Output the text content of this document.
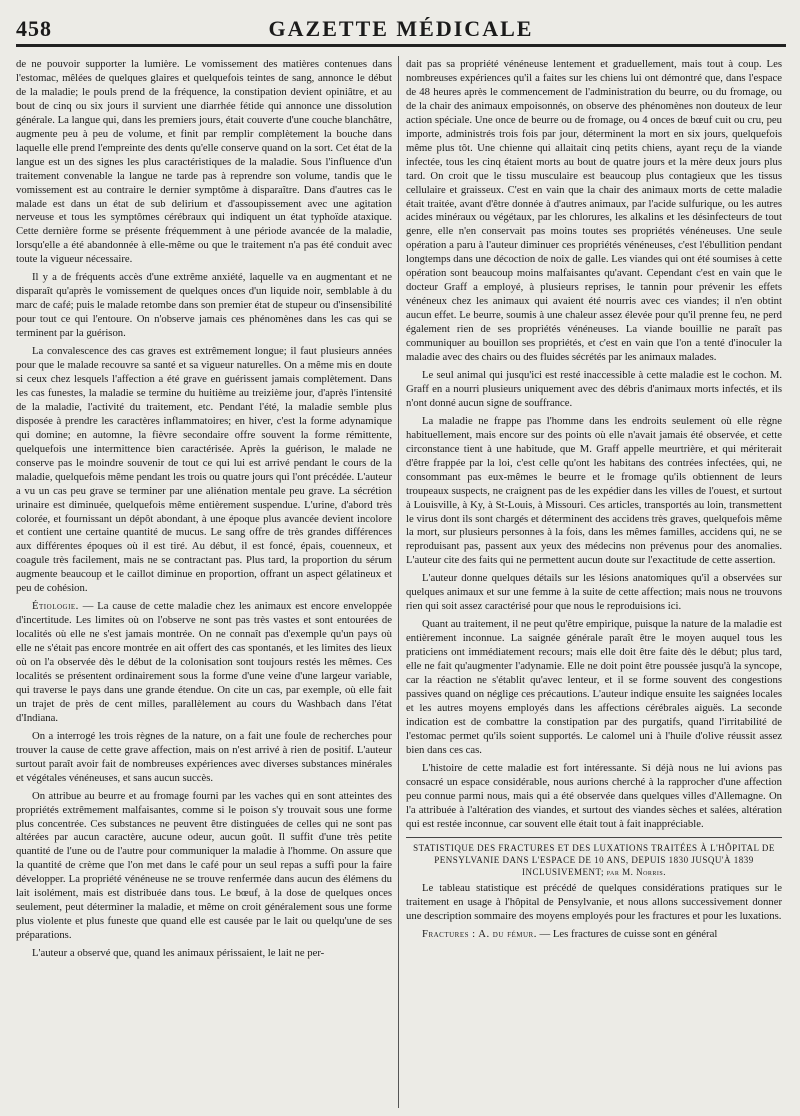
458	GAZETTE MÉDICALE

de ne pouvoir supporter la lumière. Le vomissement des matières contenues dans l'estomac, mêlées de quelques glaires et quelquefois teintes de sang, annonce le début de la maladie; le pouls prend de la fréquence, la constipation devient opiniâtre, et au bout de cinq ou six jours il survient une diarrhée fétide qui annonce une dissolution générale. La langue qui, dans les premiers jours, était couverte d'une couche blanchâtre, augmente peu à peu de volume, et finit par remplir complètement la bouche dans laquelle elle prend l'empreinte des dents qu'elle conserve quand on la sort. Cet état de la langue est un des signes les plus caractéristiques de la maladie. Sous l'influence d'un traitement convenable la langue ne tarde pas à reprendre son volume, tandis que le vomissement est au contraire le dernier symptôme à disparaître. Dans d'autres cas le malade est dans un état de sub delirium et d'assoupissement avec une agitation nerveuse et tous les symptômes cérébraux qui indiquent un état typhoïde ataxique. Cette dernière forme se présente fréquemment à une période avancée de la maladie, lorsqu'elle a été abandonnée à elle-même ou que le traitement n'a pas été conduit avec toute la vigueur nécessaire.

Il y a de fréquents accès d'une extrême anxiété, laquelle va en augmentant et ne disparaît qu'après le vomissement de quelques onces d'un liquide noir, semblable à du marc de café; puis le malade retombe dans son premier état de stupeur ou d'insensibilité pour tout ce qui l'entoure. On n'observe jamais ces phénomènes dans les cas qui se terminent par la guérison.

La convalescence des cas graves est extrêmement longue; il faut plusieurs années pour que le malade recouvre sa santé et sa vigueur naturelles. On a même mis en doute si ceux chez lesquels l'affection a été grave en guérissent jamais complètement. Dans les cas funestes, la maladie se termine du huitième au treizième jour, d'après l'intensité de la maladie, l'activité du traitement, etc. Pendant l'été, la maladie semble plus disposée à prendre les caractères inflammatoires; en hiver, c'est la forme adynamique qui domine; en automne, la fièvre secondaire offre souvent la forme rémittente, quelquefois une intermittence bien caractérisée. Après la guérison, le malade ne conserve pas le moindre souvenir de tout ce qui lui est arrivé pendant le cours de la maladie, quelquefois même pendant les trois ou quatre jours qui l'ont précédée. L'auteur a vu un cas peu grave se terminer par une aliénation mentale peu grave. La sécrétion urinaire est diminuée, quelquefois même entièrement suspendue. L'urine, d'abord très colorée, et fournissant un dépôt abondant, à une époque plus avancée devient incolore et contient une certaine quantité de mucus. Le sang offre de très grandes différences aux différentes époques où il est tiré. Au début, il est foncé, épais, couenneux, et coagule très facilement, mais ne se contractant pas. Plus tard, la proportion du sérum augmente beaucoup et le caillot diminue en proportion, offrant un aspect gélatineux et peu de cohésion.

Étiologie. — La cause de cette maladie chez les animaux est encore enveloppée d'incertitude. Les limites où on l'observe ne sont pas très vastes et sont entourées de localités où elle ne s'est jamais montrée. On ne connaît pas d'exemple qu'un pays où elle ne s'était pas encore montrée en ait offert des cas spontanés, et les limites des lieux où on l'a observée dès le début de la colonisation sont toujours restés les mêmes. Ces localités se présentent ordinairement sous la forme d'une veine d'une largeur variable, qui traverse le pays dans une grande étendue. On cite un cas, par exemple, où elle fait un trajet de près de cent milles, parallèlement au cours du Washbach dans l'état d'Indiana.

On a interrogé les trois règnes de la nature, on a fait une foule de recherches pour trouver la cause de cette grave affection, mais on n'est arrivé à rien de positif. L'auteur surtout paraît avoir fait de nombreuses expériences avec diverses substances minérales et végétales vénéneuses, et sans aucun succès.

On attribue au beurre et au fromage fourni par les vaches qui en sont atteintes des propriétés extrêmement malfaisantes, comme si le poison s'y trouvait sous une forme plus concentrée. Ces substances ne peuvent être distinguées de celles qui ne sont pas altérées par aucun caractère, aucune odeur, aucun goût. Il suffit d'une très petite quantité de l'une ou de l'autre pour communiquer la maladie à l'homme. On assure que la quantité de crème que l'on met dans le café pour un seul repas a suffi pour la faire développer. La propriété vénéneuse ne se trouve renfermée dans aucun des élémens du lait isolément, mais est distribuée dans tous. Le bœuf, à la dose de quelques onces seulement, peut déterminer la maladie, et même on croit généralement sous une forme plus violente et plus funeste que quand elle est causée par le lait ou quelqu'une de ses préparations.

L'auteur a observé que, quand les animaux périssaient, le lait ne per-

dait pas sa propriété vénéneuse lentement et graduellement, mais tout à coup. Les nombreuses expériences qu'il a faites sur les chiens lui ont démontré que, dans l'espace de 48 heures après le commencement de l'administration du beurre, ou du fromage, ou de la chair des animaux empoisonnés, on observe des phénomènes non douteux de leur action spéciale. Une once de beurre ou de fromage, ou 4 onces de bœuf cuit ou cru, peu importe, administrés trois fois par jour, déterminent la mort en six jours, quelquefois même plus tôt. Une chienne qui allaitait cinq petits chiens, ayant reçu de la viande infectée, tous les cinq étaient morts au bout de quatre jours et la mère deux jours plus tard. On croit que le tissu musculaire est beaucoup plus contagieux que les tissus cellulaire et graisseux. C'est en vain que la chair des animaux morts de cette maladie était traitée, avant d'être donnée à d'autres animaux, par l'acide sulfurique, ou les autres acides minéraux ou végétaux, par les chlorures, les alkalins et les désinfecteurs de tout genre, elle n'en conservait pas moins toutes ses propriétés vénéneuses. Une seule opération a paru à l'auteur diminuer ces propriétés vénéneuses, c'est l'ébullition pendant longtemps dans une décoction de noix de galle. Les viandes qui ont été soumises à cette opération sont beaucoup moins malfaisantes qu'avant. Cependant c'est en vain que le docteur Graff a employé, à plusieurs reprises, le tannin pour prévenir les effets vénéneux chez les animaux qui avaient été nourris avec ces viandes; il n'en obtint aucun effet. Le beurre, soumis à une chaleur assez élevée pour qu'il prenne feu, ne perd également rien de ses propriétés vénéneuses. La viande bouillie ne paraît pas communiquer au bouillon ses propriétés, et c'est en vain que l'on a tenté d'inoculer la maladie avec des chairs ou des fluides sécrétés par les animaux malades.

Le seul animal qui jusqu'ici est resté inaccessible à cette maladie est le cochon. M. Graff en a nourri plusieurs uniquement avec des débris d'animaux morts infectés, et ils n'ont donné aucun signe de souffrance.

La maladie ne frappe pas l'homme dans les endroits seulement où elle règne habituellement, mais encore sur des points où elle n'avait jamais été observée, et cette circonstance tient à une habitude, que M. Graff appelle meurtrière, et qui mériterait d'être frappée par la loi, c'est celle qu'ont les habitans des contrées infectées, qui, ne consommant pas eux-mêmes le beurre et le fromage qu'ils obtiennent de leurs troupeaux suspects, ne craignent pas de les expédier dans les villes de l'ouest, et surtout à Louisville, à Ky, à St-Louis, à Missouri. Ces articles, transportés au loin, transmettent le virus dont ils sont chargés et déterminent des accidens très graves, quelquefois même la mort, sur plusieurs personnes à la fois, dans les mêmes familles, accidens qui, ne se reproduisant pas, passent aux yeux des médecins non prévenus pour des anomalies. L'auteur cite des faits qui ne permettent aucun doute sur l'exactitude de cette assertion.

L'auteur donne quelques détails sur les lésions anatomiques qu'il a observées sur quelques animaux et sur une femme à la suite de cette affection; mais nous ne trouvons rien qui soit assez caractérisé pour que nous le reproduisions ici.

Quant au traitement, il ne peut qu'être empirique, puisque la nature de la maladie est entièrement inconnue. La saignée générale paraît être le moyen auquel tous les praticiens ont immédiatement recours; mais elle doit être faite dès le début; plus tard, elle ne fait qu'augmenter l'adynamie. Elle ne doit point être poussée jusqu'à la syncope, car la réaction ne s'établit qu'avec lenteur, et il se forme souvent des congestions passives quand on néglige ces précautions. L'auteur indique ensuite les saignées locales et les autres moyens employés dans les affections cérébrales aiguës. La seconde indication est de combattre la constipation par des purgatifs, quand l'irritabilité de l'estomac permet qu'ils soient supportés. Le calomel uni à l'huile d'olive réussit assez bien dans ces cas.

L'histoire de cette maladie est fort intéressante. Si déjà nous ne lui avions pas consacré un espace considérable, nous aurions cherché à la rapprocher d'une affection peu connue parmi nous, mais qui a été observée dans quelques villes d'Allemagne. On l'a attribuée à l'altération des viandes, et surtout des viandes sèches et salées, altération qui est restée inconnue, car souvent elle était tout à fait inappréciable.

STATISTIQUE DES FRACTURES ET DES LUXATIONS TRAITÉES À L'HÔPITAL DE PENSYLVANIE DANS L'ESPACE DE 10 ANS, DEPUIS 1830 JUSQU'À 1839 INCLUSIVEMENT; par M. Norris.

Le tableau statistique est précédé de quelques considérations pratiques sur le traitement en usage à l'hôpital de Pensylvanie, et nous allons successivement donner une description sommaire des moyens employés pour les fractures et pour les luxations.

Fractures : A. du fémur. — Les fractures de cuisse sont en général
